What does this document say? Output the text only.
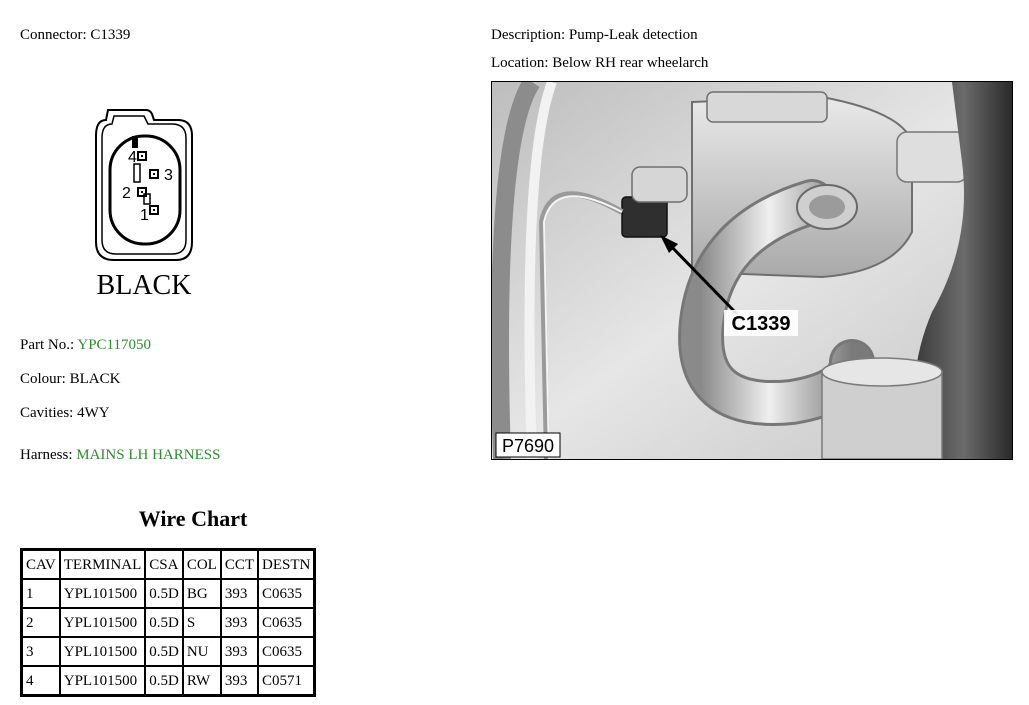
Connector: C1339
4
3
2
1
BLACK
Part No.: YPC117050
Colour: BLACK
Cavities: 4WY
Harness: MAINS LH HARNESS
Wire Chart
CAV	TERMINAL	CSA	COL	CCT	DESTN
1	YPL101500	0.5D	BG	393	C0635
2	YPL101500	0.5D	S	393	C0635
3	YPL101500	0.5D	NU	393	C0635
4	YPL101500	0.5D	RW	393	C0571
Description: Pump-Leak detection
Location: Below RH rear wheelarch
C1339
P7690
